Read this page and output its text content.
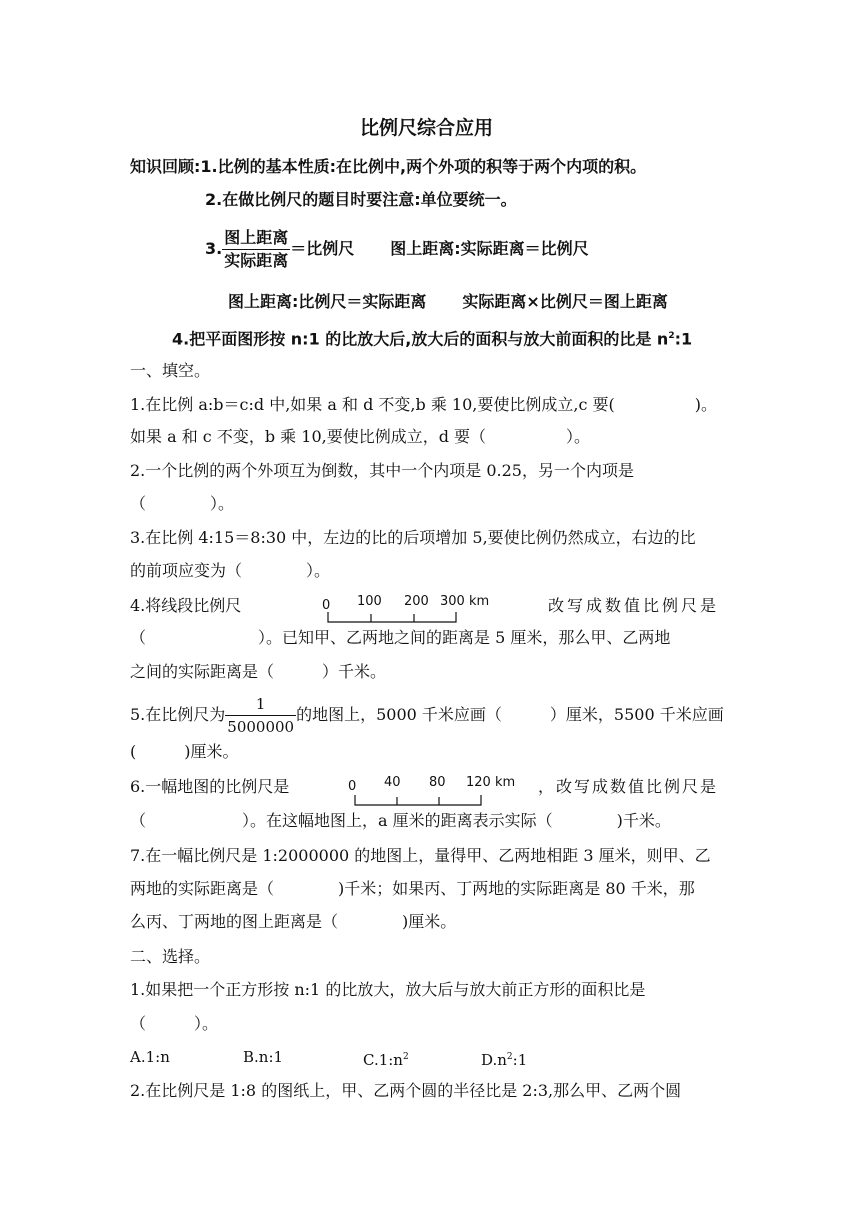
比例尺综合应用
知识回顾:1.比例的基本性质:在比例中,两个外项的积等于两个内项的积。
2.在做比例尺的题目时要注意:单位要统一。
3. $\frac{\text{图上距离}}{\text{实际距离}}$ ＝比例尺 图上距离:实际距离＝比例尺
图上距离:比例尺＝实际距离 实际距离×比例尺＝图上距离
4.把平面图形按 n:1 的比放大后,放大后的面积与放大前面积的比是 $n^2:1$
一、填空。
1.在比例 a:b＝c:d 中,如果 a 和 d 不变,b 乘 10,要使比例成立,c 要(　　　　　)。
如果 a 和 c 不变，b 乘 10,要使比例成立，d 要（　　　　　）。
2.一个比例的两个外项互为倒数，其中一个内项是 0.25，另一个内项是
（　　　　）。
3.在比例 4:15＝8:30 中，左边的比的后项增加 5,要使比例仍然成立，右边的比
的前项应变为（　　　　）。
4.将线段比例尺	0 100 200 300 km	改写成数值比例尺是
（　　　　　　　）。已知甲、乙两地之间的距离是 5 厘米，那么甲、乙两地
之间的实际距离是（　　　）千米。
5.在比例尺为 $\frac{1}{5000000}$ 的地图上，5000 千米应画（　　　）厘米，5500 千米应画
(　　　)厘米。
6.一幅地图的比例尺是	0 40 80 120 km ，改写成数值比例尺是
（　　　　　　）。在这幅地图上，a 厘米的距离表示实际（　　　　)千米。
7.在一幅比例尺是 1:2000000 的地图上，量得甲、乙两地相距 3 厘米，则甲、乙
两地的实际距离是（　　　　)千米；如果丙、丁两地的实际距离是 80 千米，那
么丙、丁两地的图上距离是（　　　　)厘米。
二、选择。
1.如果把一个正方形按 n:1 的比放大，放大后与放大前正方形的面积比是
（　　　）。
A.1:n	B.n:1	$C.1:n^2$	$D.n^2:1$
2.在比例尺是 1:8 的图纸上，甲、乙两个圆的半径比是 2:3,那么甲、乙两个圆
